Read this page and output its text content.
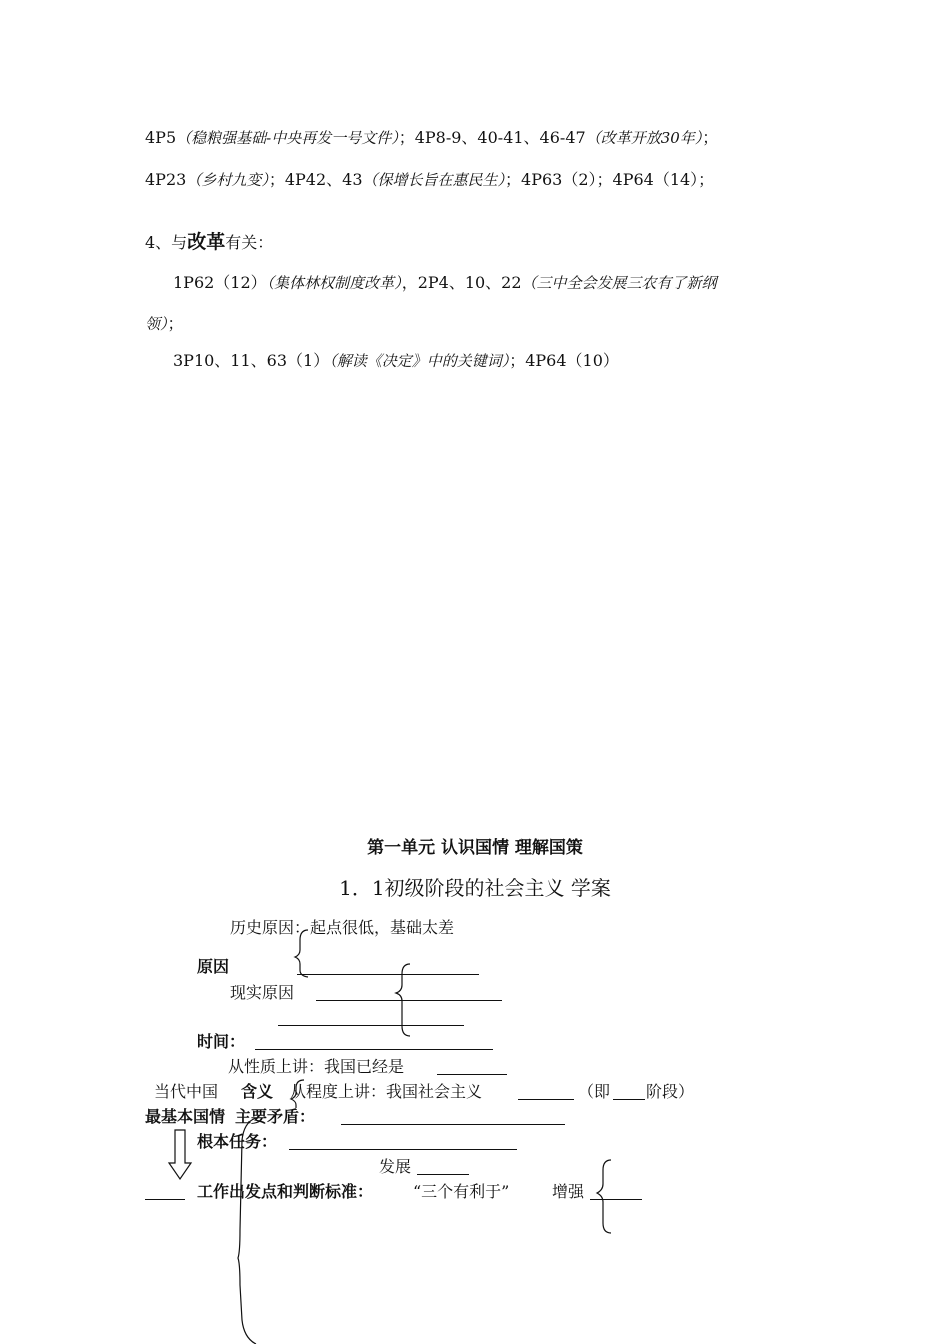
4P5（稳粮强基础-中央再发一号文件）；4P8-9、40-41、46-47（改革开放30年）；
4P23（乡村九变）；4P42、43（保增长旨在惠民生）；4P63（2）；4P64（14）；
4、与改革有关：
1P62（12）（集体林权制度改革），2P4、10、22（三中全会发展三农有了新纲
领）；
3P10、11、63（1）（解读《决定》中的关键词）；4P64（10）
第一单元 认识国情 理解国策
1．1初级阶段的社会主义 学案
历史原因：起点很低，基础太差
原因
现实原因
时间：
从性质上讲：我国已经是
当代中国 含义 从程度上讲：我国社会主义	（即 阶段）
最基本国情 主要矛盾：
根本任务：
发展
工作出发点和判断标准： “三个有利于”	增强
